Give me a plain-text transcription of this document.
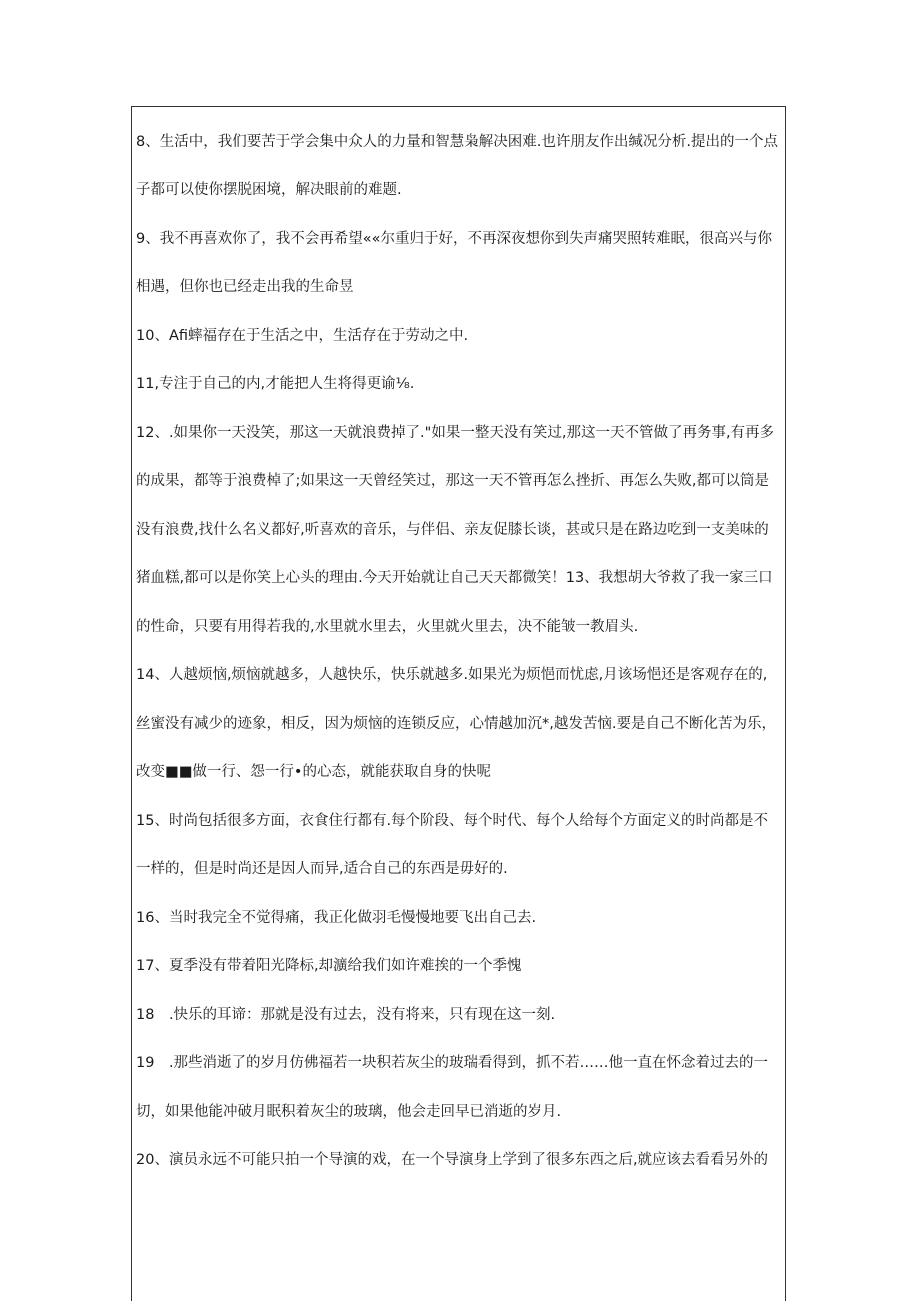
8、生活中，我们要苦于学会集中众人的力量和智慧枭解决困难.也许朋友作出缄况分析.提出的一个点
子都可以使你摆脱困境，解决眼前的难题.
9、我不再喜欢你了，我不会再希望««尔重归于好，不再深夜想你到失声痛哭照转难眠，很高兴与你
相遇，但你也已经走出我的生命昱
10、Afi蟀福存在于生活之中，生活存在于劳动之中.
11,专注于自己的内,才能把人生将得更谕⅛.
12、.如果你一天没笑，那这一天就浪费掉了."如果一整天没有笑过,那这一天不管做了再务事,有再多
的成果，都等于浪费棹了;如果这一天曾经笑过，那这一天不管再怎么挫折、再怎么失败,都可以筒是
没有浪费,找什么名义都好,听喜欢的音乐，与伴侣、亲友促膝长谈，甚或只是在路边吃到一支美味的
猪血糕,都可以是你笑上心头的理由.今天开始就让自己天天都微笑！13、我想胡大爷救了我一家三口
的性命，只要有用得若我的,水里就水里去，火里就火里去，决不能皱一教眉头.
14、人越烦恼,烦恼就越多，人越快乐，快乐就越多.如果光为烦悒而忧虑,月该场悒还是客观存在的,
丝蜜没有减少的迹象，相反，因为烦恼的连锁反应，心情越加沉*,越发苦恼.要是自己不断化苦为乐，
改变■■做一行、怨一行•的心态，就能获取自身的快呢
15、时尚包括很多方面，衣食住行都有.每个阶段、每个时代、每个人给每个方面定义的时尚都是不
一样的，但是时尚还是因人而异,适合自己的东西是毋好的.
16、当时我完全不觉得痛，我正化做羽毛慢慢地要飞出自己去.
17、夏季没有带着阳光降标,却瀇给我们如许难挨的一个季愧
18　.快乐的耳谛：那就是没有过去，没有将来，只有现在这一刻.
19　.那些消逝了的岁月仿佛福若一块积若灰尘的玻瑞看得到，抓不若……他一直在怀念着过去的一
切，如果他能冲破月眠积着灰尘的玻璃，他会走回早已消逝的岁月.
20、演员永远不可能只拍一个导演的戏，在一个导演身上学到了很多东西之后,就应该去看看另外的
